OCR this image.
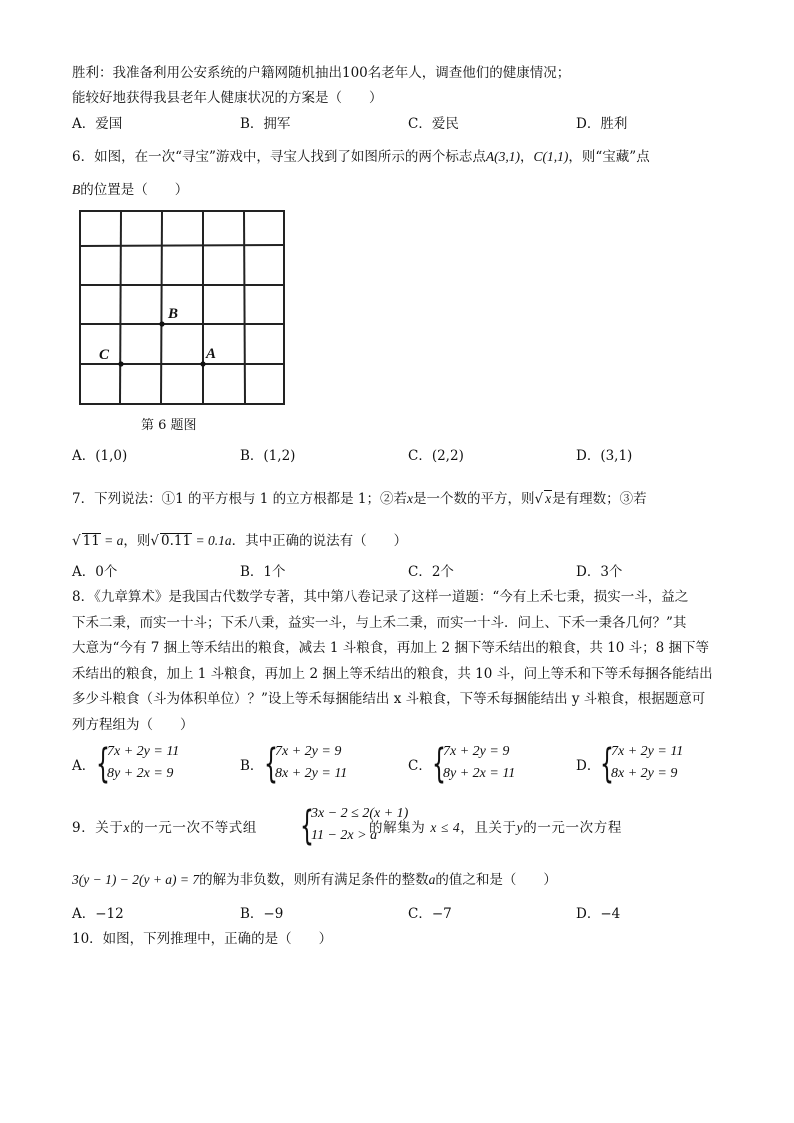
胜利：我准备利用公安系统的户籍网随机抽出100名老年人，调查他们的健康情况；
能较好地获得我县老年人健康状况的方案是（　　）
A．爱国	B．拥军	C．爱民	D．胜利
6．如图，在一次“寻宝”游戏中，寻宝人找到了如图所示的两个标志点A(3,1)，C(1,1)，则“宝藏”点
B的位置是（　　）
B
C	A
第 6 题图
A．(1,0)	B．(1,2)	C．(2,2)	D．(3,1)
7．下列说法：①1 的平方根与 1 的立方根都是 1；②若x是一个数的平方，则√ x是有理数；③若
√ 11 = a，则√ 0.11 = 0.1a．其中正确的说法有（　　）
A．0个	B．1个	C．2个	D．3个
8．《九章算术》是我国古代数学专著，其中第八卷记录了这样一道题：“今有上禾七秉，损实一斗，益之
下禾二秉，而实一十斗；下禾八秉，益实一斗，与上禾二秉，而实一十斗．问上、下禾一秉各几何？”其
大意为“今有 7 捆上等禾结出的粮食，减去 1 斗粮食，再加上 2 捆下等禾结出的粮食，共 10 斗；8 捆下等
禾结出的粮食，加上 1 斗粮食，再加上 2 捆上等禾结出的粮食，共 10 斗，问上等禾和下等禾每捆各能结出
多少斗粮食（斗为体积单位）？”设上等禾每捆能结出 x 斗粮食，下等禾每捆能结出 y 斗粮食，根据题意可
列方程组为（　　）
A． {
7x + 2y = 11
8y + 2x = 9	B． {
7x + 2y = 9
8x + 2y = 11	C． {
7x + 2y = 9
8y + 2x = 11	D． {
7x + 2y = 11
8x + 2y = 9
9．关于x的一元一次不等式组	的解集为 x ≤ 4，且关于y的一元一次方程
{
3x − 2 ≤ 2(x + 1)
11 − 2x > a
3(y − 1) − 2(y + a) = 7的解为非负数，则所有满足条件的整数a的值之和是（　　）
A．−12	B．−9	C．−7	D．−4
10．如图，下列推理中，正确的是（　　）
